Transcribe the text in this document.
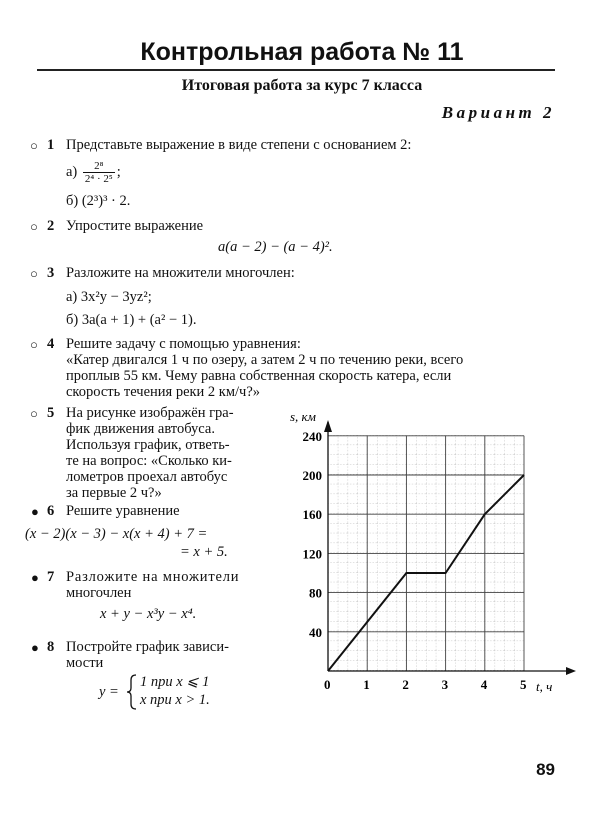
Контрольная работа № 11
Итоговая работа за курс 7 класса
Вариант 2
○ 1 Представьте выражение в виде степени с основанием 2:
$а) \frac{\text{2⁸}}{\text{2⁴ · 2⁵}}$ ;
б) (2³)³ · 2.
○ 2 Упростите выражение
a(a − 2) − (a − 4)².
○ 3 Разложите на множители многочлен:
а) 3x²y − 3yz²;
б) 3a(a + 1) + (a² − 1).
○ 4 Решите задачу с помощью уравнения:
«Катер двигался 1 ч по озеру, а затем 2 ч по течению реки, всего
проплыв 55 км. Чему равна собственная скорость катера, если
скорость течения реки 2 км/ч?»
○ 5 На рисунке изображён гра-
фик движения автобуса.
Используя график, ответь-
те на вопрос: «Сколько ки-
лометров проехал автобус
за первые 2 ч?»
● 6 Решите уравнение
(x − 2)(x − 3) − x(x + 4) + 7 =
= x + 5.
● 7 Разложите на множители
многочлен
x + y − x³y − x⁴.
● 8 Постройте график зависи-
мости
y =
1 при x ⩽ 1
x при x > 1.
s, км
t, ч
0	1	2	3	4	5
40
80
120
160
200
240
89
